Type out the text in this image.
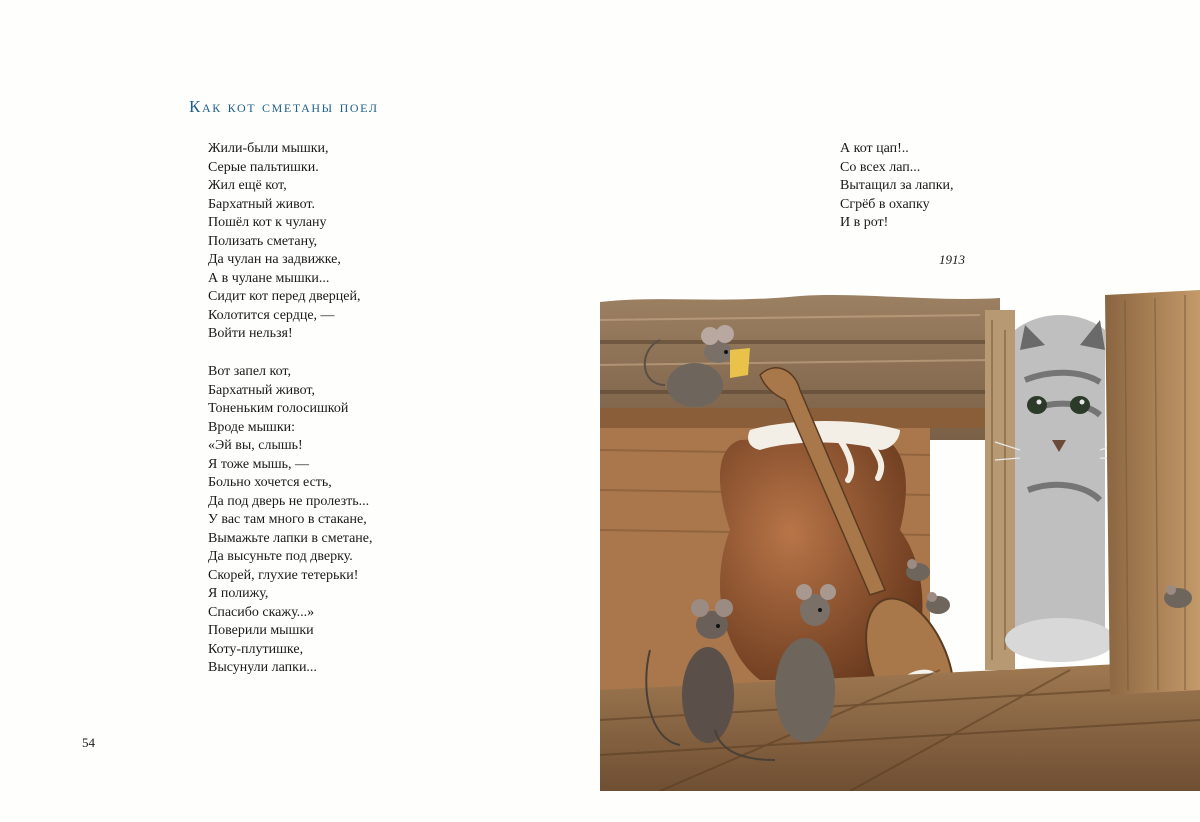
Как кот сметаны поел
Жили-были мышки,
Серые пальтишки.
Жил ещё кот,
Бархатный живот.
Пошёл кот к чулану
Полизать сметану,
Да чулан на задвижке,
А в чулане мышки...
Сидит кот перед дверцей,
Колотится сердце, —
Войти нельзя!
Вот запел кот,
Бархатный живот,
Тоненьким голосишкой
Вроде мышки:
«Эй вы, слышь!
Я тоже мышь, —
Больно хочется есть,
Да под дверь не пролезть...
У вас там много в стакане,
Вымажьте лапки в сметане,
Да высуньте под дверку.
Скорей, глухие тетерьки!
Я полижу,
Спасибо скажу...»
Поверили мышки
Коту-плутишке,
Высунули лапки...
А кот цап!..
Со всех лап...
Вытащил за лапки,
Сгрёб в охапку
И в рот!
1913
54
